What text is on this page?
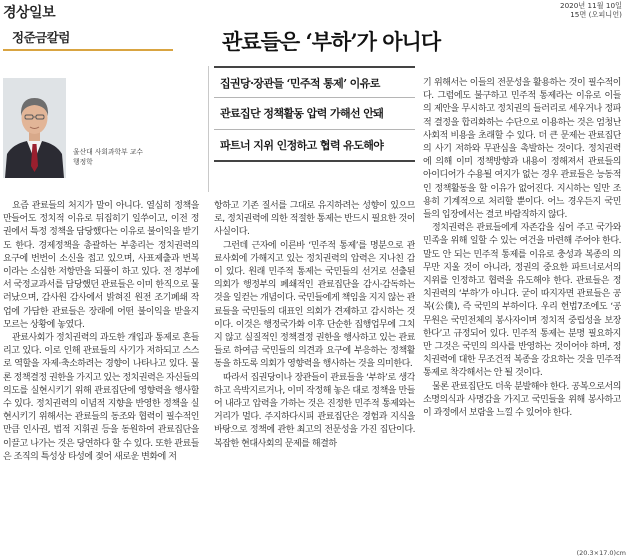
경상일보	2020년 11월 10일
15면 (오피니언)
정준금칼럼	관료들은 ‘부하’가 아니다
울산대 사회과학부 교수
행정학
집권당·장관들 ‘민주적 통제’ 이유로
관료집단 정책활동 압력 가해선 안돼
파트너 지위 인정하고 협력 유도해야

요즘 관료들의 처지가 말이 아니다. 열심히 정책을 만들어도 정치적 이유로 뒤집히기 일쑤이고, 이전 정권에서 특정 정책을 담당했다는 이유로 불이익을 받기도 한다. 경제정책을 총괄하는 부총리는 정치권력의 요구에 번번이 소신을 접고 있으며, 사표제출과 번복이라는 소심한 저항만을 되풀이 하고 있다. 전 정부에서 국정교과서를 담당했던 관료들은 이미 한직으로 물러났으며, 감사원 감사에서 밝혀진 원전 조기폐쇄 작업에 가담한 관료들은 장래에 어떤 불이익을 받을지 모르는 상황에 놓였다.

관료사회가 정치권력의 과도한 개입과 통제로 흔들리고 있다. 이로 인해 관료들의 사기가 저하되고 스스로 역할을 자제·축소하려는 경향이 나타나고 있다. 물론 정책결정 권한을 가지고 있는 정치권력은 자신들의 의도를 실현시키기 위해 관료집단에 영향력을 행사할 수 있다. 정치권력의 이념적 지향을 반영한 정책을 실현시키기 위해서는 관료들의 동조와 협력이 필수적인 만큼 인사권, 법적 지휘권 등을 동원하여 관료집단을 이끌고 나가는 것은 당연하다 할 수 있다. 또한 관료들은 조직의 특성상 타성에 젖어 새로운 변화에 저

항하고 기존 질서를 그대로 유지하려는 성향이 있으므로, 정치권력에 의한 적절한 통제는 반드시 필요한 것이 사실이다.

그런데 근자에 이른바 ‘민주적 통제’를 명분으로 관료사회에 가해지고 있는 정치권력의 압력은 지나친 감이 있다. 원래 민주적 통제는 국민들의 선거로 선출된 의회가 행정부의 폐쇄적인 관료집단을 감시·감독하는 것을 일컫는 개념이다. 국민들에게 책임을 지지 않는 관료들을 국민들의 대표인 의회가 견제하고 감시하는 것이다. 이것은 행정국가화 이후 단순한 집행업무에 그치지 않고 실질적인 정책결정 권한을 행사하고 있는 관료들로 하여금 국민들의 의견과 요구에 부응하는 정책활동을 하도록 의회가 영향력을 행사하는 것을 의미한다.

따라서 집권당이나 장관들이 관료들을 ‘부하’로 생각하고 윽박지르거나, 이미 작정해 놓은 대로 정책을 만들어 내라고 압력을 가하는 것은 진정한 민주적 통제와는 거리가 멀다. 주지하다시피 관료집단은 경험과 지식을 바탕으로 정책에 관한 최고의 전문성을 가진 집단이다. 복잡한 현대사회의 문제를 해결하

기 위해서는 이들의 전문성을 활용하는 것이 필수적이다. 그럼에도 불구하고 민주적 통제라는 이유로 이들의 제안을 무시하고 정치권의 들러리로 세우거나 정파적 결정을 합리화하는 수단으로 이용하는 것은 엄청난 사회적 비용을 초래할 수 있다. 더 큰 문제는 관료집단의 사기 저하와 무관심을 촉발하는 것이다. 정치권력에 의해 이미 정책방향과 내용이 정해져서 관료들의 아이디어가 수용될 여지가 없는 경우 관료들은 능동적인 정책활동을 할 이유가 없어진다. 지시하는 일만 조용히 기계적으로 처리할 뿐이다. 어느 경우든지 국민들의 입장에서는 결코 바람직하지 않다.

정치권력은 관료들에게 자존감을 심어 주고 국가와 민족을 위해 일할 수 있는 여건을 마련해 주어야 한다. 말도 안 되는 민주적 통제를 이유로 충성과 복종의 의무만 지울 것이 아니라, 정권의 중요한 파트너로서의 지위를 인정하고 협력을 유도해야 한다. 관료들은 정치권력의 ‘부하’가 아니다. 굳이 따지자면 관료들은 공복(公僕), 즉 국민의 부하이다. 우리 헌법7조에도 ‘공무원은 국민전체의 봉사자이며 정치적 중립성을 보장한다’고 규정되어 있다. 민주적 통제는 분명 필요하지만 그것은 국민의 의사를 반영하는 것이어야 하며, 정치권력에 대한 무조건적 복종을 강요하는 것을 민주적 통제로 착각해서는 안 될 것이다.

물론 관료집단도 더욱 분발해야 한다. 공복으로서의 소명의식과 사명감을 가지고 국민들을 위해 봉사하고 이 과정에서 보람을 느낄 수 있어야 한다.

(20.3×17.0)cm
